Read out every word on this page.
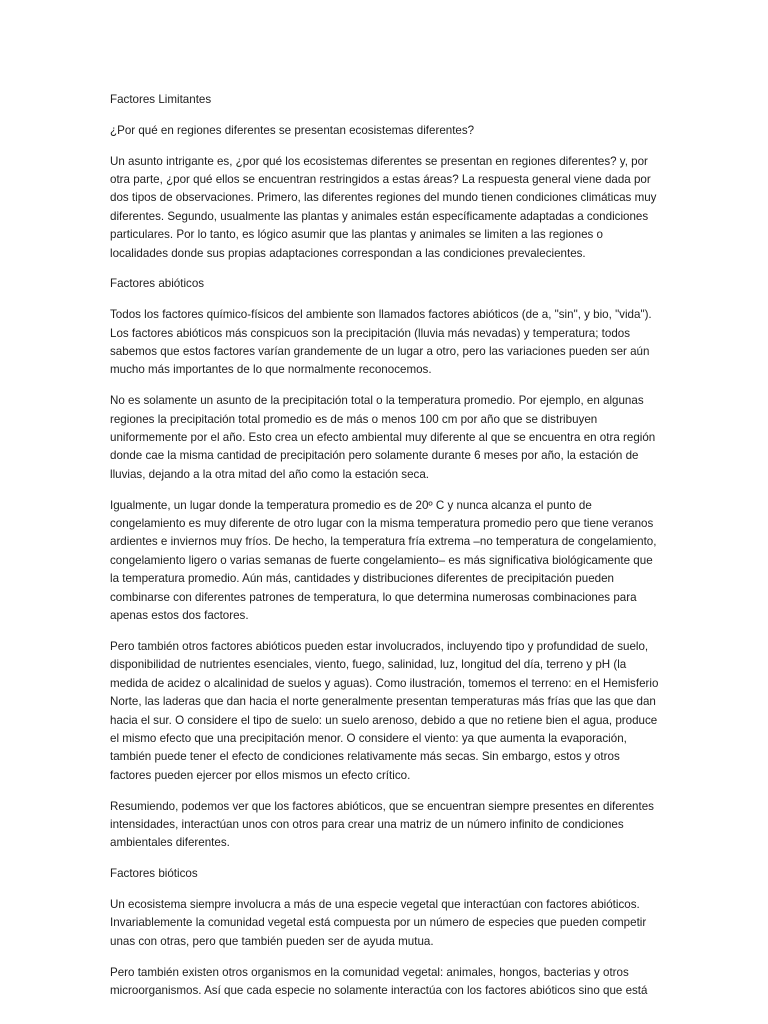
Factores Limitantes

¿Por qué en regiones diferentes se presentan ecosistemas diferentes?

Un asunto intrigante es, ¿por qué los ecosistemas diferentes se presentan en regiones diferentes? y, por otra parte, ¿por qué ellos se encuentran restringidos a estas áreas? La respuesta general viene dada por dos tipos de observaciones. Primero, las diferentes regiones del mundo tienen condiciones climáticas muy diferentes. Segundo, usualmente las plantas y animales están específicamente adaptadas a condiciones particulares. Por lo tanto, es lógico asumir que las plantas y animales se limiten a las regiones o localidades donde sus propias adaptaciones correspondan a las condiciones prevalecientes.

Factores abióticos

Todos los factores químico-físicos del ambiente son llamados factores abióticos (de a, "sin", y bio, "vida"). Los factores abióticos más conspicuos son la precipitación (lluvia más nevadas) y temperatura; todos sabemos que estos factores varían grandemente de un lugar a otro, pero las variaciones pueden ser aún mucho más importantes de lo que normalmente reconocemos.

No es solamente un asunto de la precipitación total o la temperatura promedio. Por ejemplo, en algunas regiones la precipitación total promedio es de más o menos 100 cm por año que se distribuyen uniformemente por el año. Esto crea un efecto ambiental muy diferente al que se encuentra en otra región donde cae la misma cantidad de precipitación pero solamente durante 6 meses por año, la estación de lluvias, dejando a la otra mitad del año como la estación seca.

Igualmente, un lugar donde la temperatura promedio es de 20º C y nunca alcanza el punto de congelamiento es muy diferente de otro lugar con la misma temperatura promedio pero que tiene veranos ardientes e inviernos muy fríos. De hecho, la temperatura fría extrema –no temperatura de congelamiento, congelamiento ligero o varias semanas de fuerte congelamiento– es más significativa biológicamente que la temperatura promedio. Aún más, cantidades y distribuciones diferentes de precipitación pueden combinarse con diferentes patrones de temperatura, lo que determina numerosas combinaciones para apenas estos dos factores.

Pero también otros factores abióticos pueden estar involucrados, incluyendo tipo y profundidad de suelo, disponibilidad de nutrientes esenciales, viento, fuego, salinidad, luz, longitud del día, terreno y pH (la medida de acidez o alcalinidad de suelos y aguas). Como ilustración, tomemos el terreno: en el Hemisferio Norte, las laderas que dan hacia el norte generalmente presentan temperaturas más frías que las que dan hacia el sur. O considere el tipo de suelo: un suelo arenoso, debido a que no retiene bien el agua, produce el mismo efecto que una precipitación menor. O considere el viento: ya que aumenta la evaporación, también puede tener el efecto de condiciones relativamente más secas. Sin embargo, estos y otros factores pueden ejercer por ellos mismos un efecto crítico.

Resumiendo, podemos ver que los factores abióticos, que se encuentran siempre presentes en diferentes intensidades, interactúan unos con otros para crear una matriz de un número infinito de condiciones ambientales diferentes.

Factores bióticos

Un ecosistema siempre involucra a más de una especie vegetal que interactúan con factores abióticos. Invariablemente la comunidad vegetal está compuesta por un número de especies que pueden competir unas con otras, pero que también pueden ser de ayuda mutua.

Pero también existen otros organismos en la comunidad vegetal: animales, hongos, bacterias y otros microorganismos. Así que cada especie no solamente interactúa con los factores abióticos sino que está
